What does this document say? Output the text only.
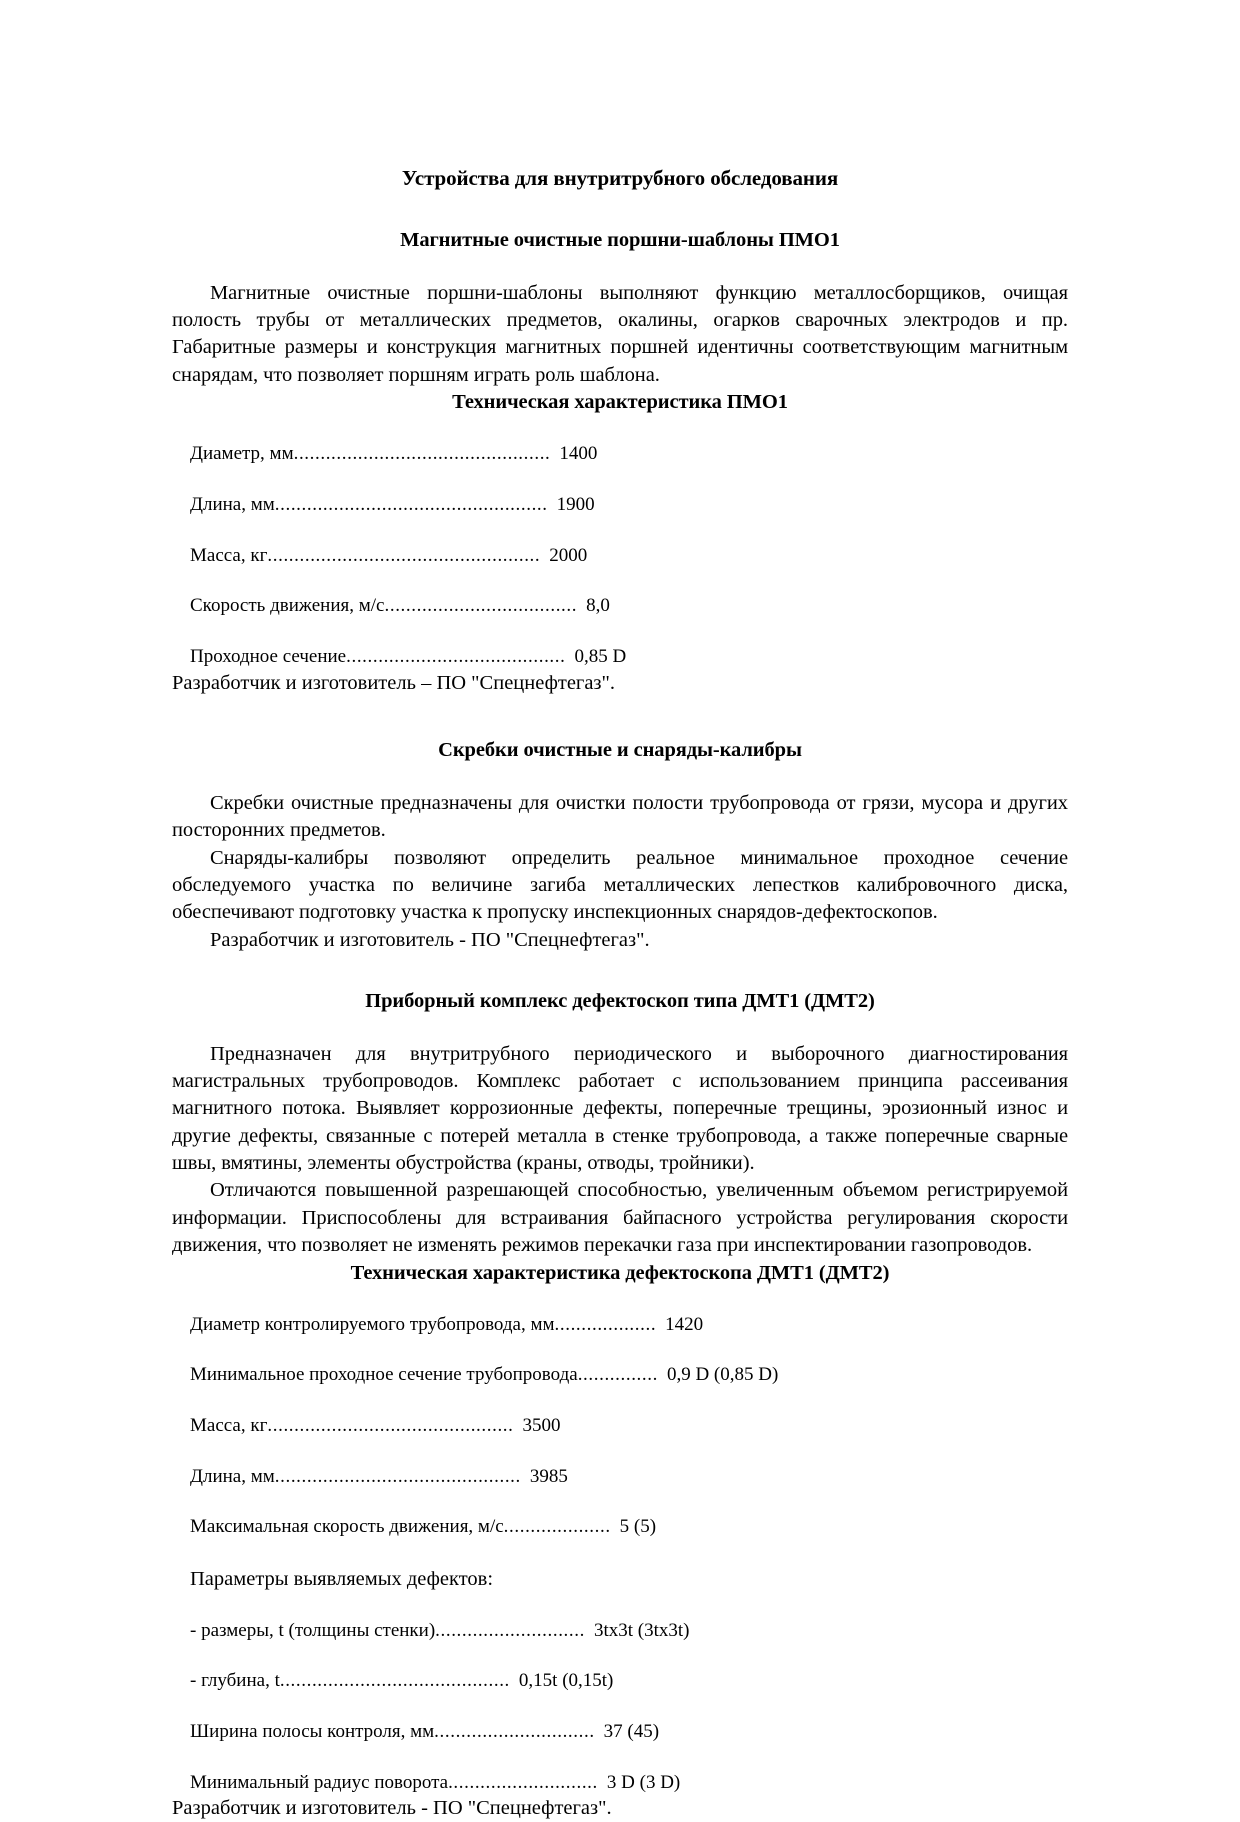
Устройства для внутритрубного обследования
Магнитные очистные поршни-шаблоны ПМО1

Магнитные очистные поршни-шаблоны выполняют функцию металлосборщиков, очищая полость трубы от металлических предметов, окалины, огарков сварочных электродов и пр. Габаритные размеры и конструкция магнитных поршней идентичны соответствующим магнитным снарядам, что позволяет поршням играть роль шаблона.

Техническая характеристика ПМО1
Диаметр, мм ................................................ 1400
Длина, мм ................................................... 1900
Масса, кг ................................................... 2000
Скорость движения, м/с .................................... 8,0
Проходное сечение ......................................... 0,85 D

Разработчик и изготовитель – ПО "Спецнефтегаз".

Скребки очистные и снаряды-калибры

Скребки очистные предназначены для очистки полости трубопровода от грязи, мусора и других посторонних предметов.

Снаряды-калибры позволяют определить реальное минимальное проходное сечение обследуемого участка по величине загиба металлических лепестков калибровочного диска, обеспечивают подготовку участка к пропуску инспекционных снарядов-дефектоскопов.

Разработчик и изготовитель - ПО "Спецнефтегаз".

Приборный комплекс дефектоскоп типа ДМТ1 (ДМТ2)

Предназначен для внутритрубного периодического и выборочного диагностирования магистральных трубопроводов. Комплекс работает с использованием принципа рассеивания магнитного потока. Выявляет коррозионные дефекты, поперечные трещины, эрозионный износ и другие дефекты, связанные с потерей металла в стенке трубопровода, а также поперечные сварные швы, вмятины, элементы обустройства (краны, отводы, тройники).

Отличаются повышенной разрешающей способностью, увеличенным объемом регистрируемой информации. Приспособлены для встраивания байпасного устройства регулирования скорости движения, что позволяет не изменять режимов перекачки газа при инспектировании газопроводов.

Техническая характеристика дефектоскопа ДМТ1 (ДМТ2)
Диаметр контролируемого трубопровода, мм ................... 1420
Минимальное проходное сечение трубопровода ............... 0,9 D (0,85 D)
Масса, кг .............................................. 3500
Длина, мм .............................................. 3985
Максимальная скорость движения, м/с .................... 5 (5)

Параметры выявляемых дефектов:

- размеры, t (толщины стенки) ............................ 3tx3t (3tx3t)
- глубина, t ........................................... 0,15t (0,15t)
Ширина полосы контроля, мм .............................. 37 (45)
Минимальный радиус поворота ............................ 3 D (3 D)

Разработчик и изготовитель - ПО "Спецнефтегаз".
